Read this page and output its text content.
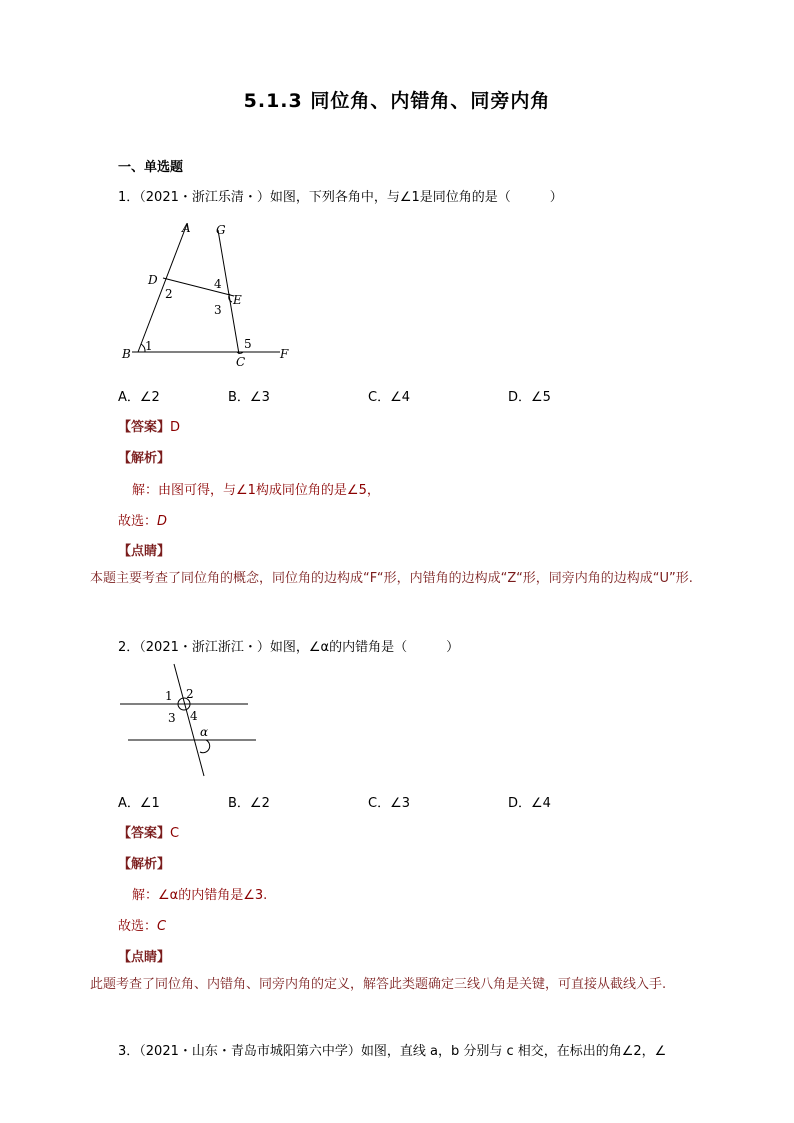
5.1.3 同位角、内错角、同旁内角
一、单选题
1．（2021・浙江乐清・）如图，下列各角中，与∠1是同位角的是（　　　）
A G
D
2
4
E
3
1
B
5
C
F
A．∠2	B．∠3	C．∠4	D．∠5
【答案】D
【解析】
解：由图可得，与∠1构成同位角的是∠5，
故选：D
【点睛】
本题主要考查了同位角的概念，同位角的边构成“F“形，内错角的边构成“Z“形，同旁内角的边构成“U”形.
2．（2021・浙江浙江・）如图，∠α的内错角是（　　　）
1 2
3 4
α
A．∠1	B．∠2	C．∠3	D．∠4
【答案】C
【解析】
解：∠α的内错角是∠3.
故选：C
【点睛】
此题考查了同位角、内错角、同旁内角的定义，解答此类题确定三线八角是关键，可直接从截线入手.
3．（2021・山东・青岛市城阳第六中学）如图，直线 a，b 分别与 c 相交，在标出的角∠2，∠
